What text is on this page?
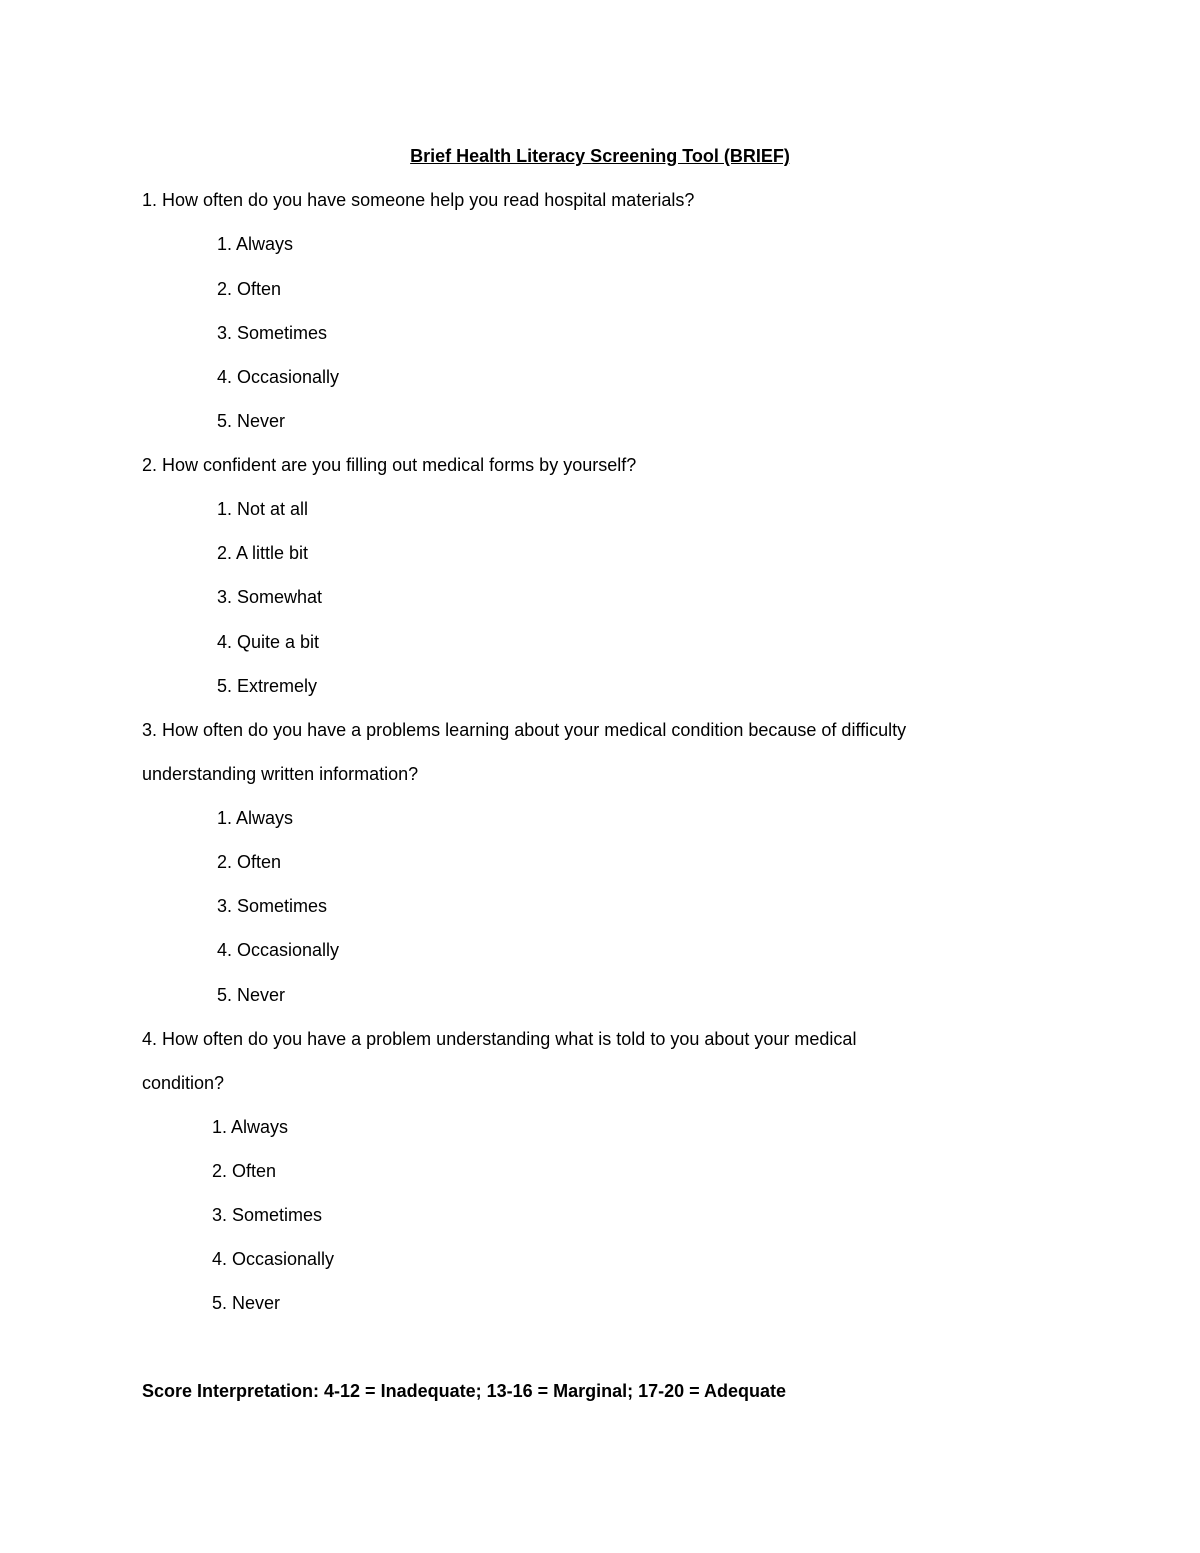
Brief Health Literacy Screening Tool (BRIEF)
1. How often do you have someone help you read hospital materials?
1. Always
2. Often
3. Sometimes
4. Occasionally
5. Never
2. How confident are you filling out medical forms by yourself?
1. Not at all
2. A little bit
3. Somewhat
4. Quite a bit
5. Extremely
3. How often do you have a problems learning about your medical condition because of difficulty
understanding written information?
1. Always
2. Often
3. Sometimes
4. Occasionally
5. Never
4. How often do you have a problem understanding what is told to you about your medical
condition?
1. Always
2. Often
3. Sometimes
4. Occasionally
5. Never
Score Interpretation: 4-12 = Inadequate; 13-16 = Marginal; 17-20 = Adequate
